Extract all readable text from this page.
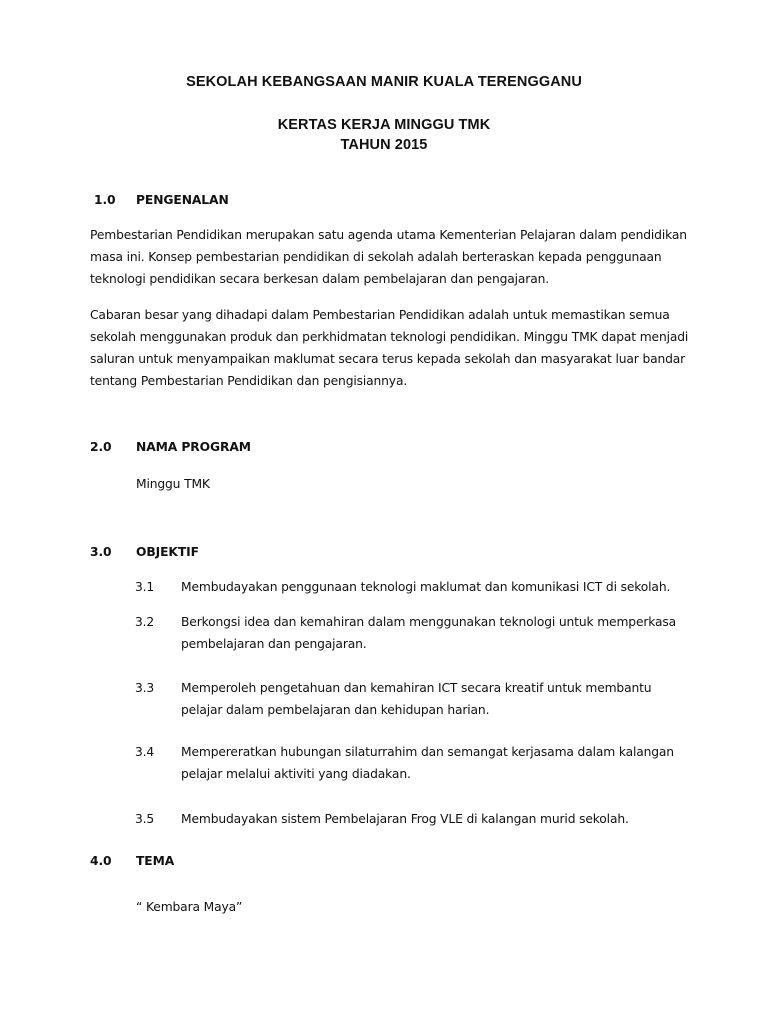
SEKOLAH KEBANGSAAN MANIR KUALA TERENGGANU
KERTAS KERJA MINGGU TMK
TAHUN 2015
1.0 PENGENALAN

Pembestarian Pendidikan merupakan satu agenda utama Kementerian Pelajaran dalam pendidikan masa ini. Konsep pembestarian pendidikan di sekolah adalah berteraskan kepada penggunaan teknologi pendidikan secara berkesan dalam pembelajaran dan pengajaran.

Cabaran besar yang dihadapi dalam Pembestarian Pendidikan adalah untuk memastikan semua sekolah menggunakan produk dan perkhidmatan teknologi pendidikan. Minggu TMK dapat menjadi saluran untuk menyampaikan maklumat secara terus kepada sekolah dan masyarakat luar bandar tentang Pembestarian Pendidikan dan pengisiannya.

2.0 NAMA PROGRAM
Minggu TMK
3.0 OBJEKTIF
3.1 Membudayakan penggunaan teknologi maklumat dan komunikasi ICT di sekolah.
3.2 Berkongsi idea dan kemahiran dalam menggunakan teknologi untuk memperkasa pembelajaran dan pengajaran.
3.3 Memperoleh pengetahuan dan kemahiran ICT secara kreatif untuk membantu pelajar dalam pembelajaran dan kehidupan harian.
3.4 Mempereratkan hubungan silaturrahim dan semangat kerjasama dalam kalangan pelajar melalui aktiviti yang diadakan.
3.5 Membudayakan sistem Pembelajaran Frog VLE di kalangan murid sekolah.
4.0 TEMA
“ Kembara Maya”
